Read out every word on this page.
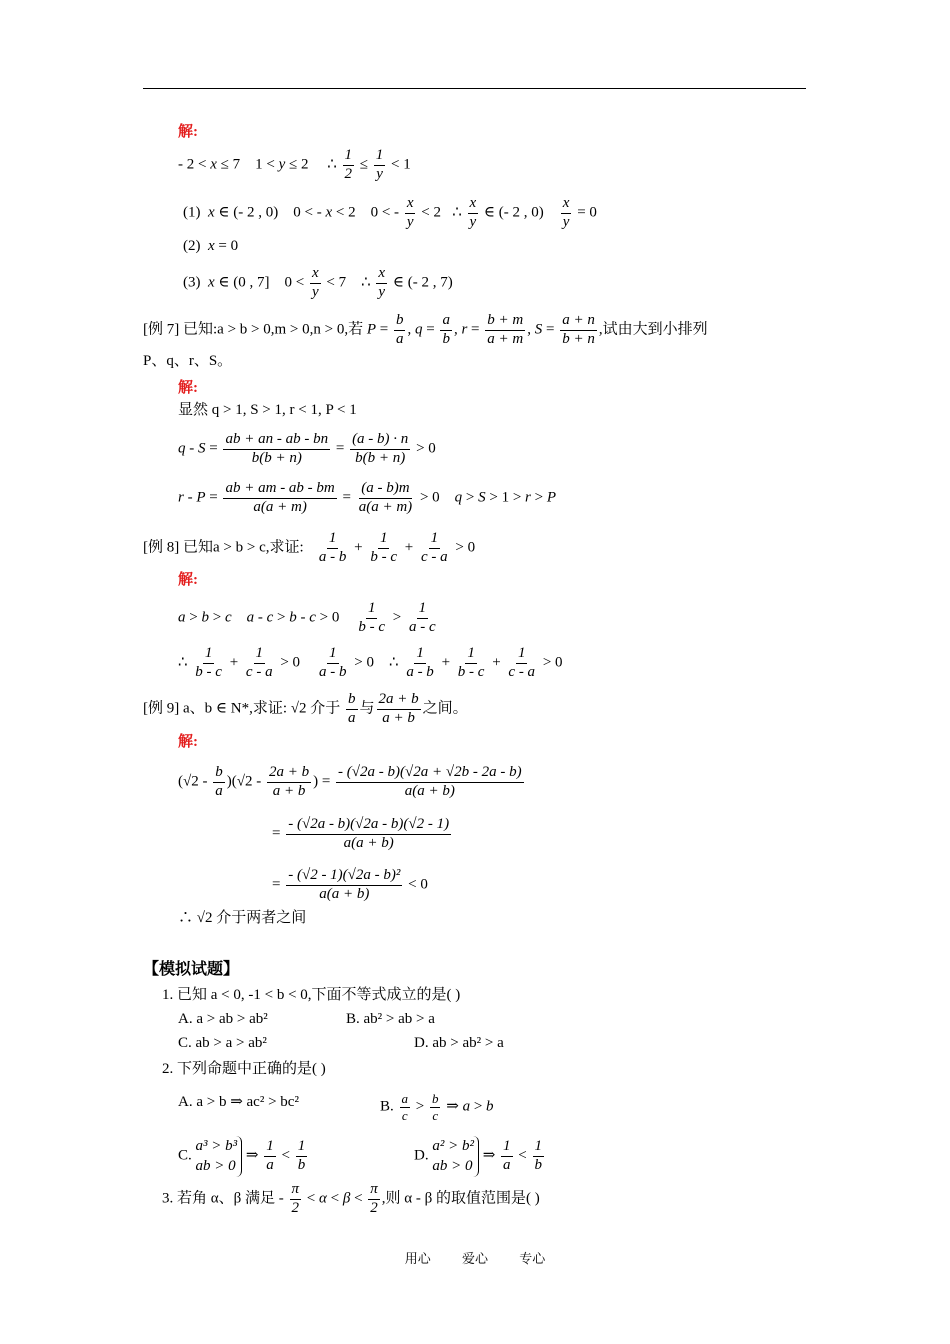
解:
- 2 < x ≤ 7    1 < y ≤ 2     ∴ $\frac{1}{2} \le \frac{1}{y} < 1$
(1)  x ∈ (- 2 , 0)    0 < - x < 2    0 < - $\frac{x}{y} < 2$   ∴ $\frac{x}{y}$ ∈ (- 2 , $0) \frac{x}{y} = 0$
(2)  x = 0
(3)  x ∈ (0 , 7]    $0 < \frac{x}{y} < 7$    ∴ $\frac{x}{y}$ ∈ (- 2 , 7)
[例 7] 已知:a > b > 0,m > 0,n > 0,若 $P = \frac{b}{a}$ , $q = \frac{a}{b}$ , $r = \frac{b + m}{a + m}$ , $S = \frac{a + n}{b + n}$ ,试由大到小排列
P、q、r、S。
解:
显然 q > 1, S > 1, r < 1, P < 1
$q - S = \frac{ab + an - ab - bn}{b(b + n)} = \frac{(a - b) \cdot n}{b(b + n)} > 0$
$r - P = \frac{ab + am - ab - bm}{a(a + m)} = \frac{(a - b)m}{a(a + m)} > 0$    q > S > 1 > r > P
[例 8] 已知a > b > c,求证: $\frac{1}{a - b} + \frac{1}{b - c} + \frac{1}{c - a} > 0$
解:
a > b > c $a - c > b - c > 0 \frac{1}{b - c} > \frac{1}{a - c}$
∴ $\frac{1}{b - c} + \frac{1}{c - a} > 0 \frac{1}{a - b} > 0$    ∴ $\frac{1}{a - b} + \frac{1}{b - c} + \frac{1}{c - a} > 0$
[例 9] a、b ∈ N*,求证: √2 介于 $\frac{b}{a}$ 与 $\frac{2a + b}{a + b}$ 之间。
解:
$(√2 - \frac{b}{a} )(√2 - \frac{2a + b}{a + b}$ ) = $\frac{- (√2a - b)(√2a + √2b - 2a - b)}{a(a + b)}$
= $\frac{- (√2a - b)(√2a - b)(√2 - 1)}{a(a + b)}$
= $\frac{\text{- (√2 - 1)(√2a - b)²}}{a(a + b)} < 0$
∴ √2 介于两者之间
【模拟试题】
1. 已知 a < 0, -1 < b < 0,下面不等式成立的是( )
A. a > ab > ab²	B. ab² > ab > a
C. ab > a > ab²	D. ab > ab² > a
2. 下列命题中正确的是( )
A. a > b ⇒ ac² > bc²	B. $\frac{a}{c} > \frac{b}{c}$ ⇒ a > b
C.
a³ > b³
ab > 0
⇒ $\frac{1}{a} < \frac{1}{b}$	D.
a² > b²
ab > 0
⇒ $\frac{1}{a} < \frac{1}{b}$
3. 若角 α、β 满足 - $\frac{\pi}{2} < \alpha < \beta < \frac{\pi}{2}$ ,则 α - β 的取值范围是( )
用心 爱心 专心
